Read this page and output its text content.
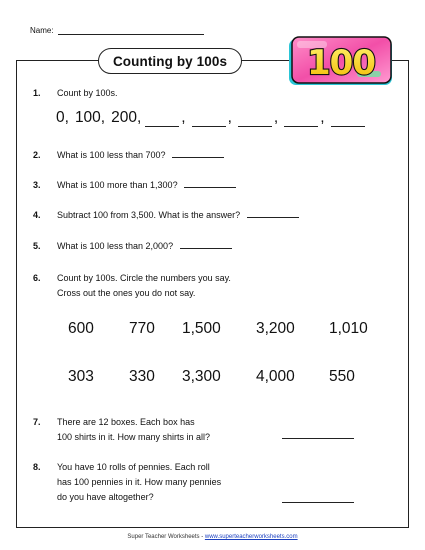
Name:
Counting by 100s 100
1. Count by 100s.
0, 100, 200,	,	,	,	,
2. What is 100 less than 700?
3. What is 100 more than 1,300?
4. Subtract 100 from 3,500. What is the answer?
5. What is 100 less than 2,000?
6. Count by 100s. Circle the numbers you say.
Cross out the ones you do not say.
600 770 1,500 3,200 1,010
303 330 3,300 4,000 550
7. There are 12 boxes. Each box has
100 shirts in it. How many shirts in all?
8. You have 10 rolls of pennies. Each roll
has 100 pennies in it. How many pennies
do you have altogether?
Super Teacher Worksheets - www.superteacherworksheets.com
